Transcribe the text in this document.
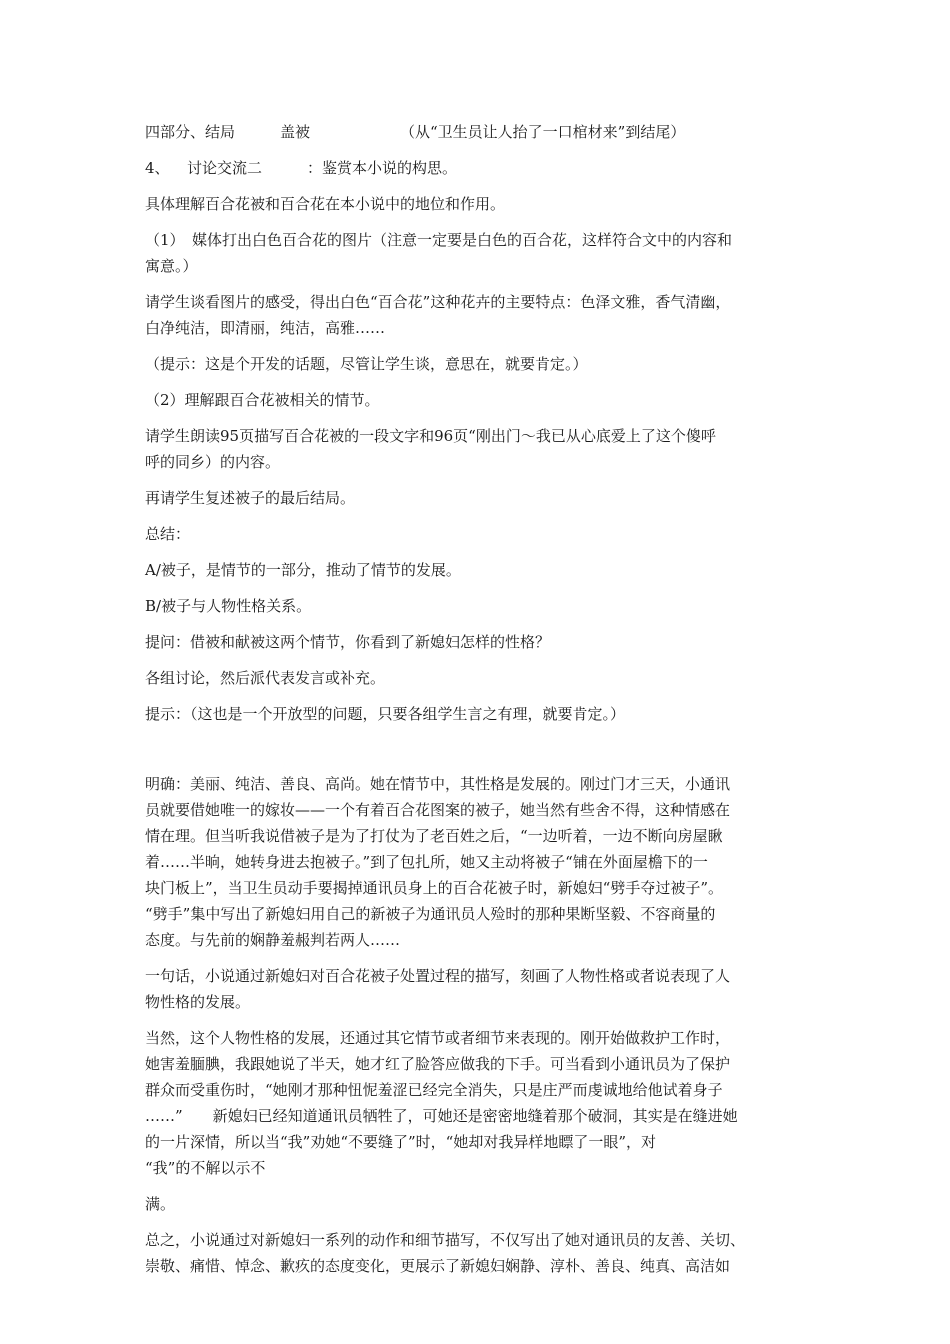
四部分、结局	盖被	（从“卫生员让人抬了一口棺材来”到结尾）
4、 讨论交流二	：鉴赏本小说的构思。
具体理解百合花被和百合花在本小说中的地位和作用。
（1）　媒体打出白色百合花的图片（注意一定要是白色的百合花，这样符合文中的内容和
寓意。）
请学生谈看图片的感受，得出白色“百合花”这种花卉的主要特点：色泽文雅，香气清幽，
白净纯洁，即清丽，纯洁，高雅……
（提示：这是个开发的话题，尽管让学生谈，意思在，就要肯定。）
（2）理解跟百合花被相关的情节。
请学生朗读95页描写百合花被的一段文字和96页“刚出门～我已从心底爱上了这个傻呼
呼的同乡）的内容。
再请学生复述被子的最后结局。
总结：
A/被子，是情节的一部分，推动了情节的发展。
B/被子与人物性格关系。
提问：借被和献被这两个情节，你看到了新媳妇怎样的性格？
各组讨论，然后派代表发言或补充。
提示：（这也是一个开放型的问题，只要各组学生言之有理，就要肯定。）
明确：美丽、纯洁、善良、高尚。她在情节中，其性格是发展的。刚过门才三天，小通讯
员就要借她唯一的嫁妆——一个有着百合花图案的被子，她当然有些舍不得，这种情感在
情在理。但当听我说借被子是为了打仗为了老百姓之后，“一边听着，一边不断向房屋瞅
着……半晌，她转身进去抱被子。”到了包扎所，她又主动将被子“铺在外面屋檐下的一
块门板上”，当卫生员动手要揭掉通讯员身上的百合花被子时，新媳妇“劈手夺过被子”。
“劈手”集中写出了新媳妇用自己的新被子为通讯员人殓时的那种果断坚毅、不容商量的
态度。与先前的娴静羞赧判若两人……
一句话，小说通过新媳妇对百合花被子处置过程的描写，刻画了人物性格或者说表现了人
物性格的发展。
当然，这个人物性格的发展，还通过其它情节或者细节来表现的。刚开始做救护工作时，
她害羞腼腆，我跟她说了半天，她才红了脸答应做我的下手。可当看到小通讯员为了保护
群众而受重伤时，“她刚才那种忸怩羞涩已经完全消失，只是庄严而虔诚地给他试着身子
……”　　新媳妇已经知道通讯员牺牲了，可她还是密密地缝着那个破洞，其实是在缝进她
的一片深情，所以当“我”劝她“不要缝了”时，“她却对我异样地瞟了一眼”，对
“我”的不解以示不
满。
总之，小说通过对新媳妇一系列的动作和细节描写，不仅写出了她对通讯员的友善、关切、
崇敬、痛惜、悼念、歉疚的态度变化，更展示了新媳妇娴静、淳朴、善良、纯真、高洁如
